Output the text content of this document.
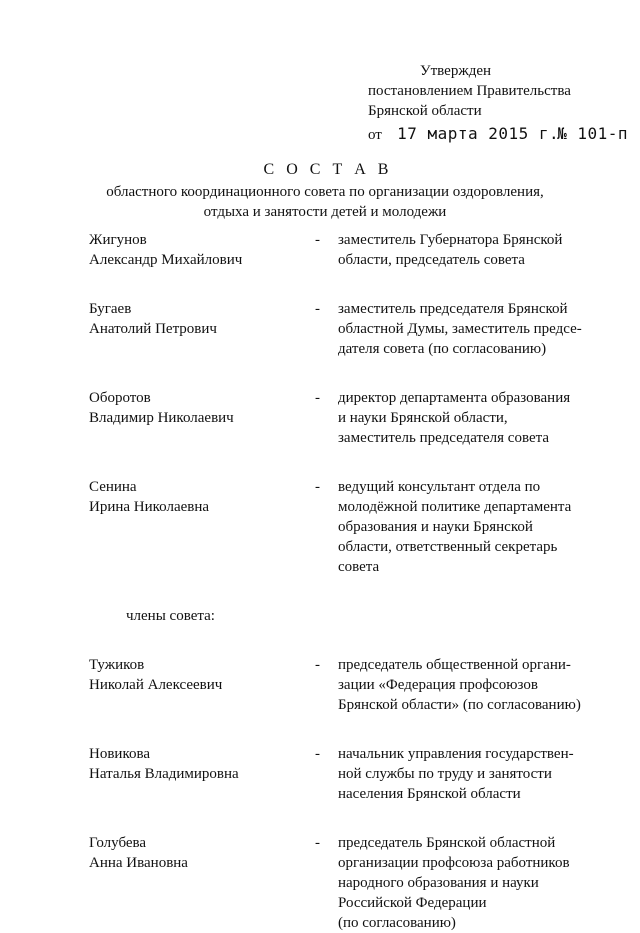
Утвержден
постановлением Правительства
Брянской области
от 17 марта 2015 г.
№ 101-п
С О С Т А В
областного координационного совета по организации оздоровления,
отдыха и занятости детей и молодежи
Жигунов
Александр Михайлович
-	заместитель Губернатора Брянской
области, председатель совета
Бугаев
Анатолий Петрович
-	заместитель председателя Брянской
областной Думы, заместитель предсе-
дателя совета (по согласованию)
Оборотов
Владимир Николаевич
-	директор департамента образования
и науки Брянской области,
заместитель председателя совета
Сенина
Ирина Николаевна
-	ведущий консультант отдела по
молодёжной политике департамента
образования и науки Брянской
области, ответственный секретарь
совета
члены совета:
Тужиков
Николай Алексеевич
-	председатель общественной органи-
зации «Федерация профсоюзов
Брянской области» (по согласованию)
Новикова
Наталья Владимировна
-	начальник управления государствен-
ной службы по труду и занятости
населения Брянской области
Голубева
Анна Ивановна
-	председатель Брянской областной
организации профсоюза работников
народного образования и науки
Российской Федерации
(по согласованию)
